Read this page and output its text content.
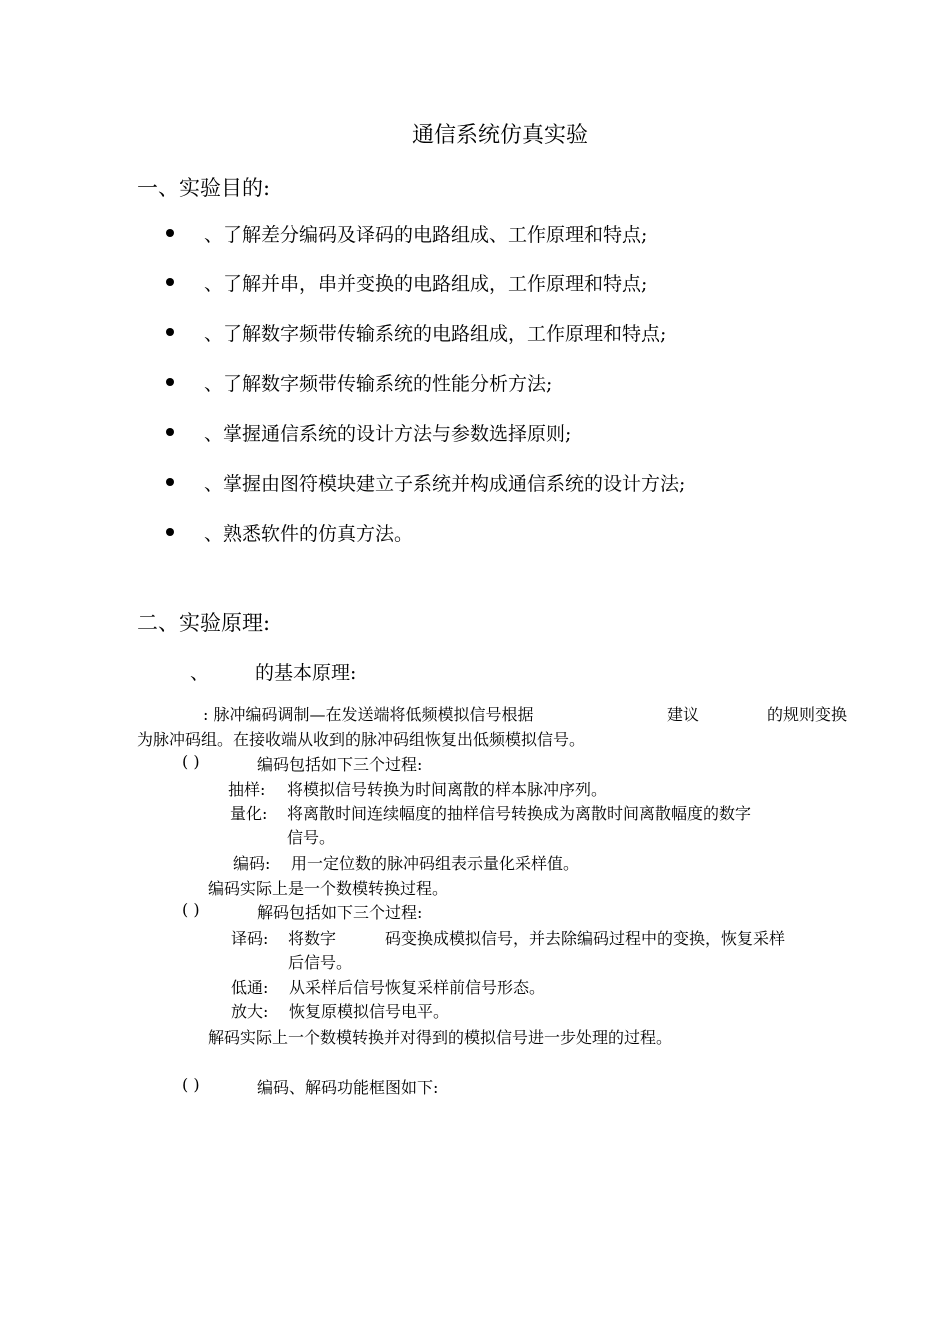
通信系统仿真实验
一、实验目的:
、了解差分编码及译码的电路组成、工作原理和特点;
、了解并串，串并变换的电路组成，工作原理和特点;
、了解数字频带传输系统的电路组成，工作原理和特点;
、了解数字频带传输系统的性能分析方法;
、掌握通信系统的设计方法与参数选择原则;
、掌握由图符模块建立子系统并构成通信系统的设计方法;
、熟悉软件的仿真方法。
二、实验原理:
、 的基本原理:
: 脉冲编码调制—在发送端将低频模拟信号根据	建议	的规则变换
为脉冲码组。在接收端从收到的脉冲码组恢复出低频模拟信号。
( )	编码包括如下三个过程:
抽样: 将模拟信号转换为时间离散的样本脉冲序列。
量化: 将离散时间连续幅度的抽样信号转换成为离散时间离散幅度的数字
信号。
编码: 用一定位数的脉冲码组表示量化采样值。
编码实际上是一个数模转换过程。
( )	解码包括如下三个过程:
译码: 将数字	码变换成模拟信号，并去除编码过程中的变换，恢复采样
后信号。
低通: 从采样后信号恢复采样前信号形态。
放大: 恢复原模拟信号电平。
解码实际上一个数模转换并对得到的模拟信号进一步处理的过程。
( )	编码、解码功能框图如下:
